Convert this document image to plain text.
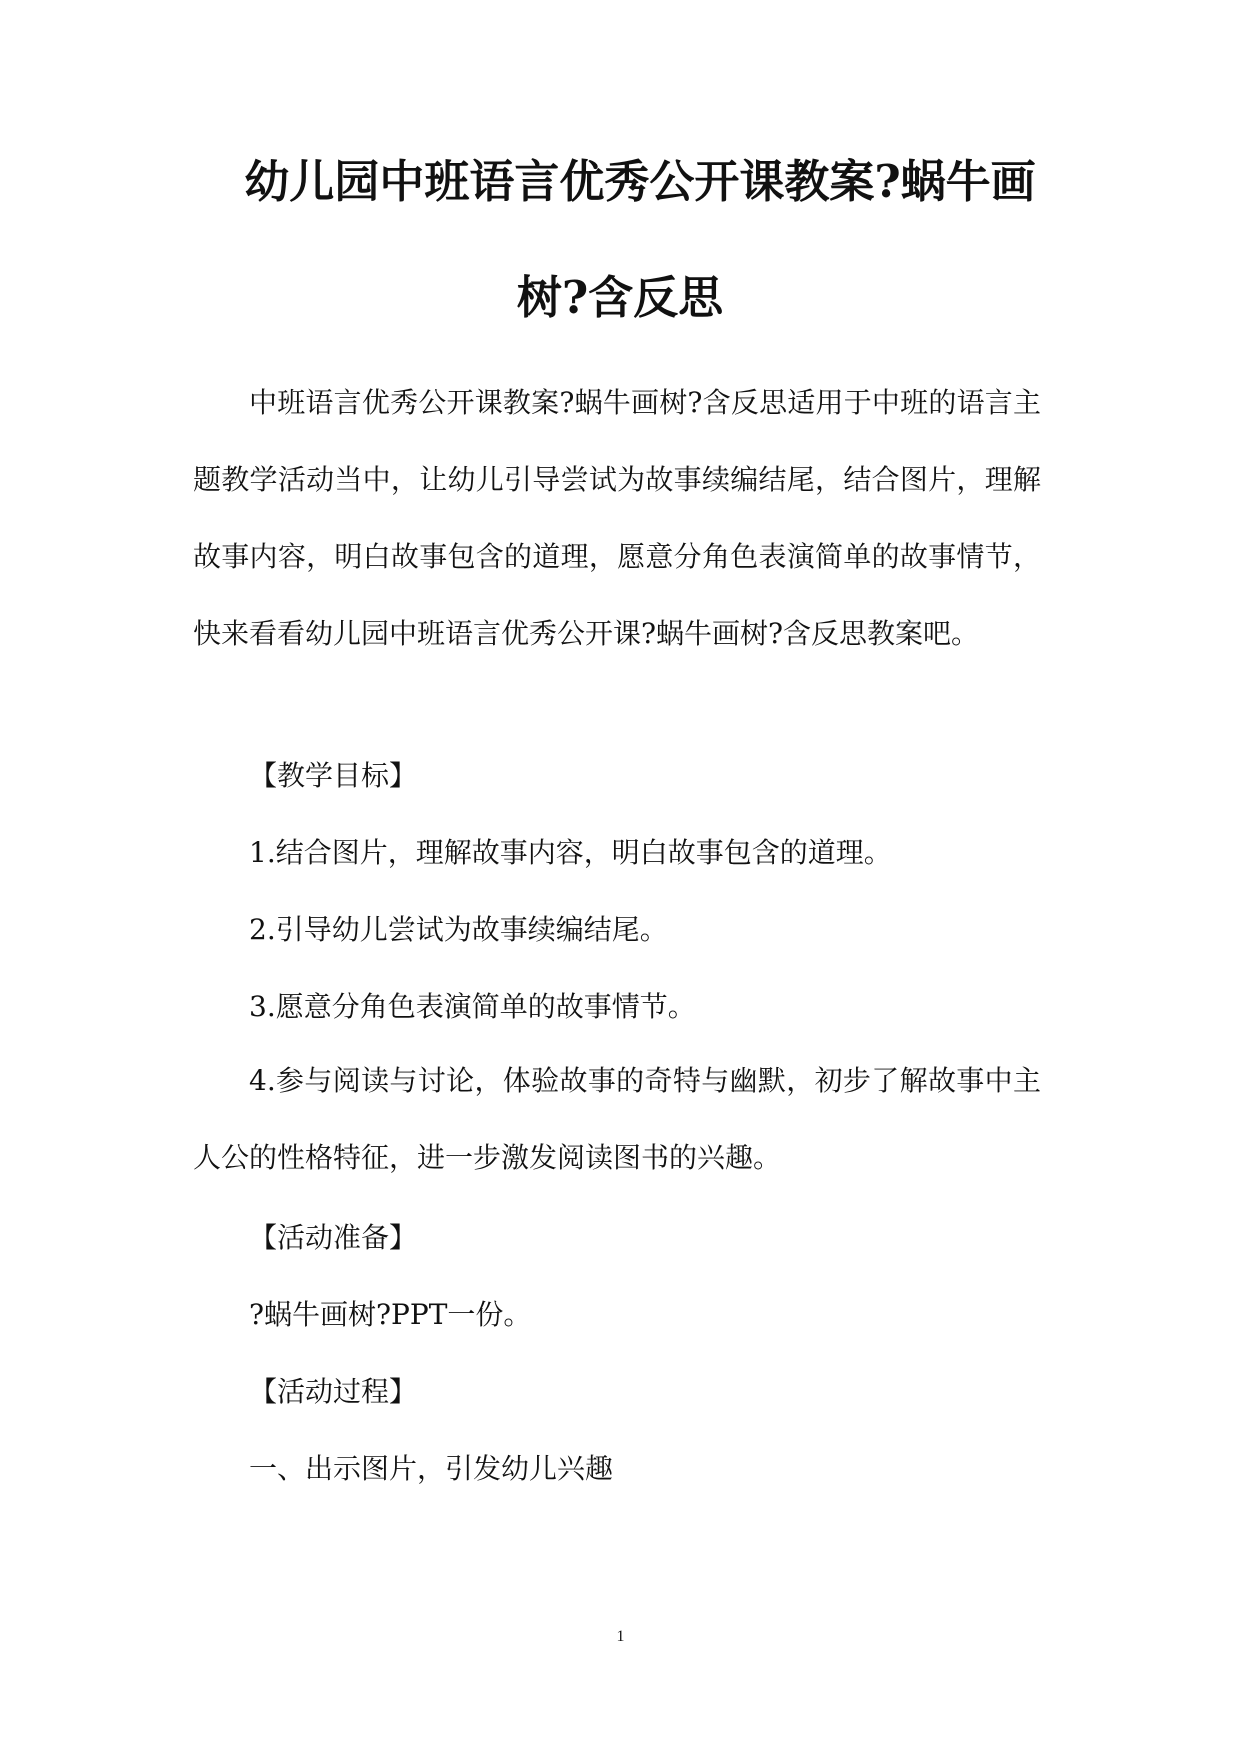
幼儿园中班语言优秀公开课教案?蜗牛画
树?含反思

中班语言优秀公开课教案?蜗牛画树?含反思适用于中班的语言主题教学活动当中，让幼儿引导尝试为故事续编结尾，结合图片，理解故事内容，明白故事包含的道理，愿意分角色表演简单的故事情节，快来看看幼儿园中班语言优秀公开课?蜗牛画树?含反思教案吧。

【教学目标】

1.结合图片，理解故事内容，明白故事包含的道理。

2.引导幼儿尝试为故事续编结尾。

3.愿意分角色表演简单的故事情节。

4.参与阅读与讨论，体验故事的奇特与幽默，初步了解故事中主人公的性格特征，进一步激发阅读图书的兴趣。

【活动准备】

?蜗牛画树?PPT一份。

【活动过程】

一、出示图片，引发幼儿兴趣

1
